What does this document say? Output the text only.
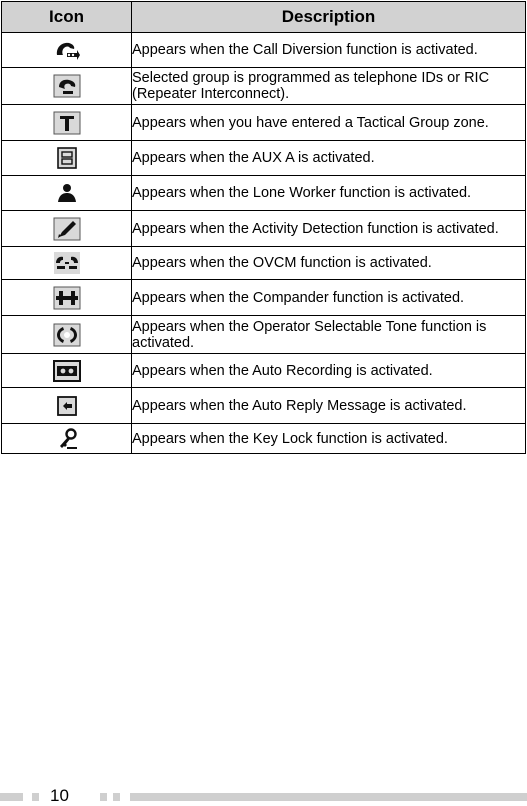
Icon	Description

	Appears when the Call Diversion function is activated.

	Selected group is programmed as telephone IDs or RIC (Repeater Interconnect).

	Appears when you have entered a Tactical Group zone.

	Appears when the AUX A is activated.

	Appears when the Lone Worker function is activated.

	Appears when the Activity Detection function is activated.

	Appears when the OVCM function is activated.

	Appears when the Compander function is activated.

	Appears when the Operator Selectable Tone function is activated.

	Appears when the Auto Recording is activated.

	Appears when the Auto Reply Message is activated.

	Appears when the Key Lock function is activated.
10
